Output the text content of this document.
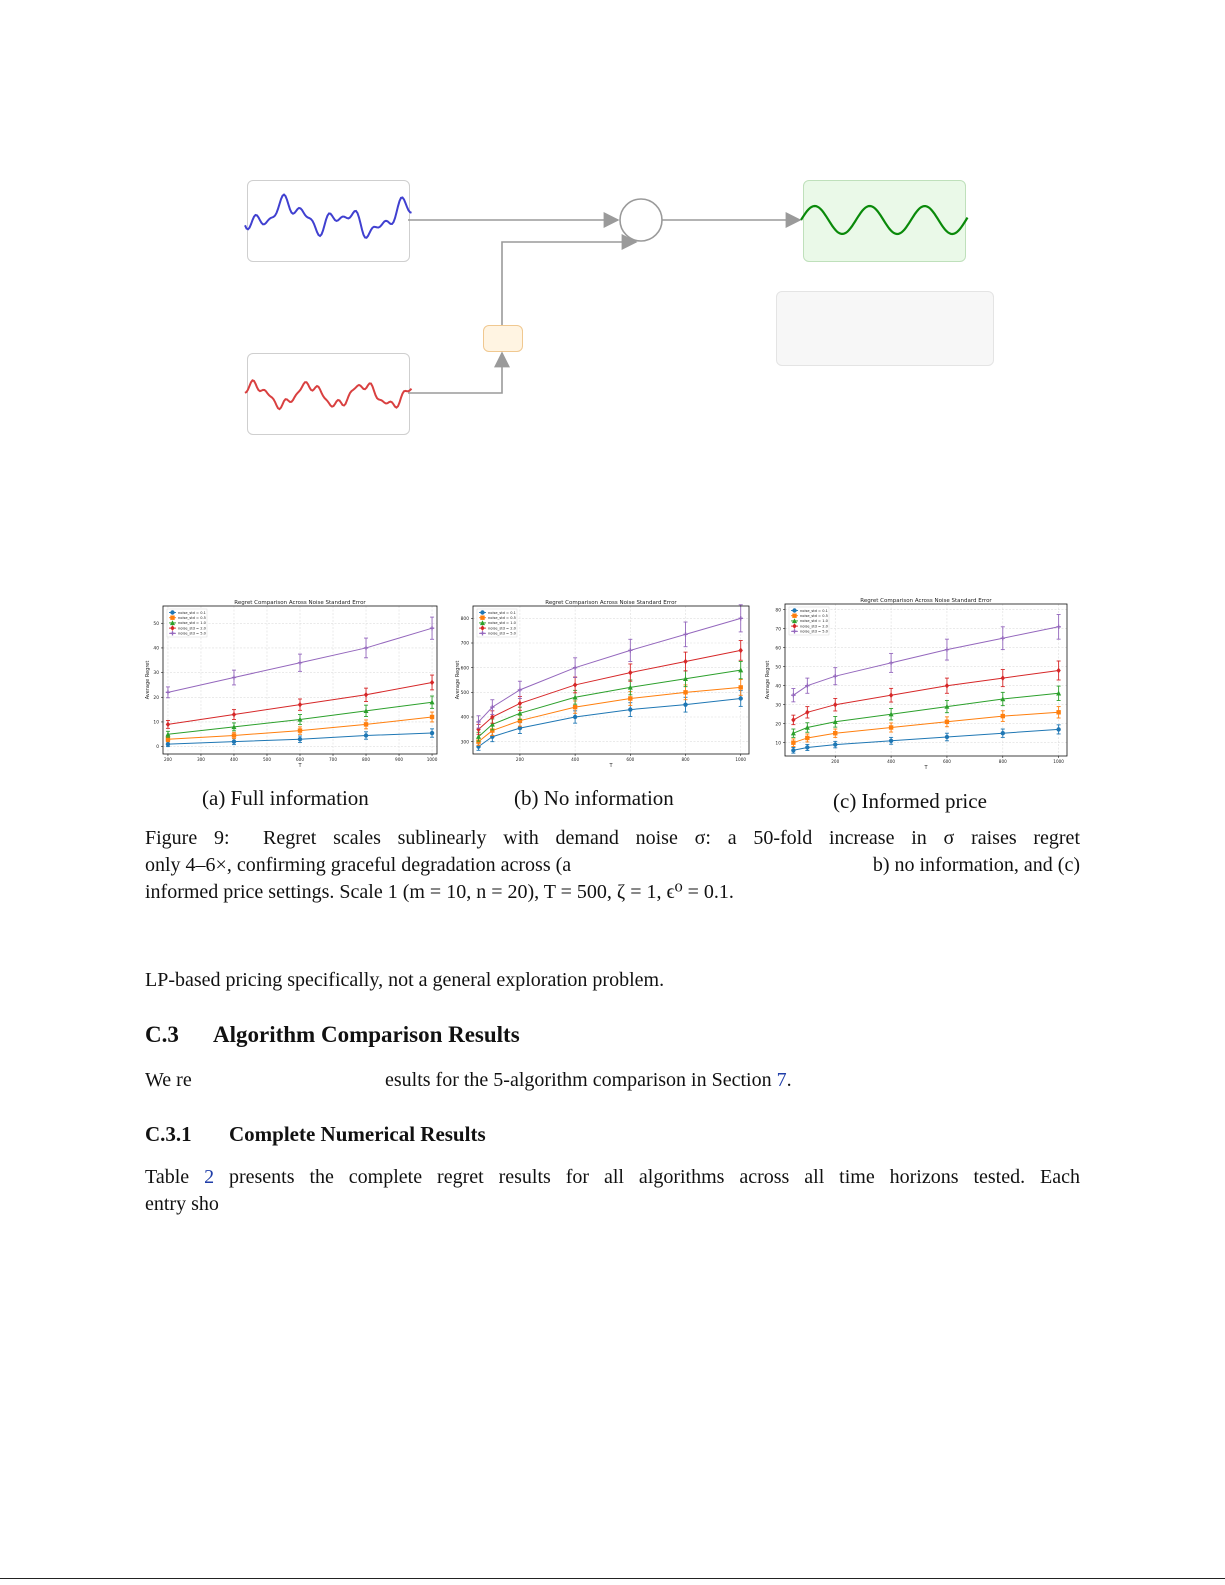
Regret Comparison Across Noise Standard Error
0
10
20
30
40
50
200	300	400	500	600	700	800	900	1000
T
Average Regret
noise_std = 0.1
noise_std = 0.5
noise_std = 1.0
noise_std = 2.0
noise_std = 5.0
Regret Comparison Across Noise Standard Error
300
400
500
600
700
800
200	400	600	800	1000
T
Average Regret
noise_std = 0.1
noise_std = 0.5
noise_std = 1.0
noise_std = 2.0
noise_std = 5.0
Regret Comparison Across Noise Standard Error
10
20
30
40
50
60
70
80
200	400	600	800	1000
T
Average Regret
noise_std = 0.1
noise_std = 0.5
noise_std = 1.0
noise_std = 2.0
noise_std = 5.0
(a) Full information	(b) No information	(c) Informed price
Figure 9: Regret scales sublinearly with demand noise σ: a 50-fold increase in σ raises regret
only 4–6×, confirming graceful degradation across (a	b) no information, and (c)
informed price settings. Scale 1 (m = 10, n = 20), T = 500, ζ = 1, ϵ⁰ = 0.1.
LP-based pricing specifically, not a general exploration problem.
C.3 Algorithm Comparison Results
We re	esults for the 5-algorithm comparison in Section 7.
C.3.1 Complete Numerical Results
Table 2 presents the complete regret results for all algorithms across all time horizons tested. Each
entry sho
